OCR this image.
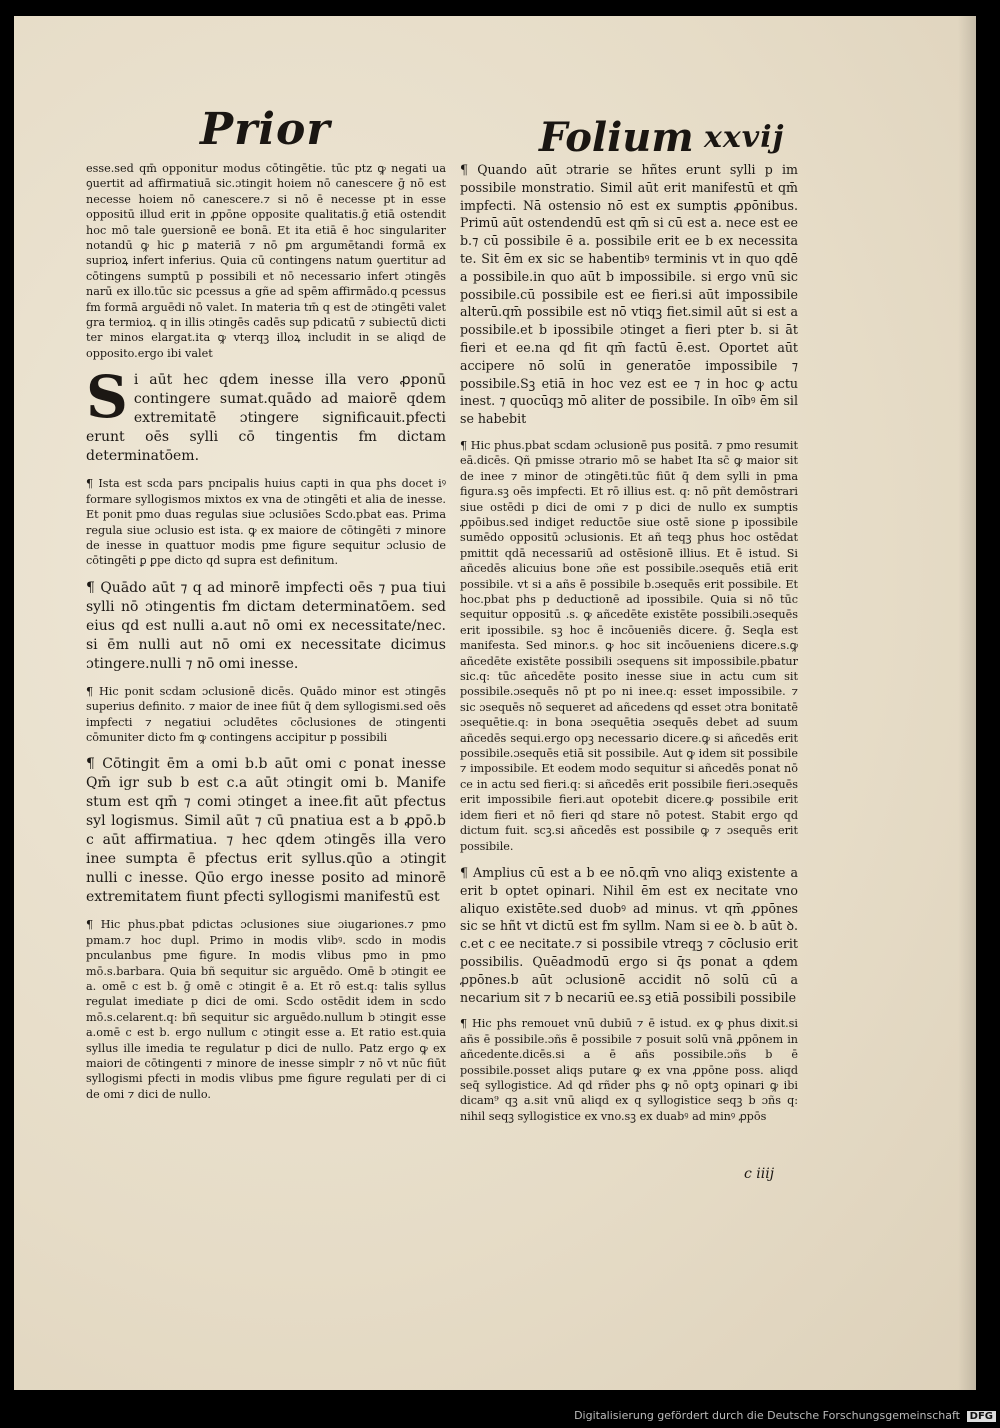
Prior	Folium xxvij

esse.sed qm̄ opponitur modus cōtingētie. tūc ptz ꝙ negati ua ꝯuertit ad affirmatiuā sic.ɔtingit hoiem nō canescere ḡ nō est necesse hoiem nō canescere.⁊ si nō ē necesse pt in esse oppositū illud erit in ꝓpōne opposite qualitatis.ḡ etiā ostendit hoc mō tale ꝯuersionē ee bonā. Et ita etiā ē hoc singulariter notandū ꝙ hic ꝑ materiā ⁊ nō ꝑm argumētandi formā ex suprioꝝ infert inferius. Quia cū contingens natum ꝯuertitur ad cōtingens sumptū p possibili et nō necessario infert ɔtingēs narū ex illo.tūc sic pcessus a gñe ad spēm affirmādo.q pcessus fm formā arguēdi nō valet. In materia tm̄ q est de ɔtingēti valet gra termioꝝ. q in illis ɔtingēs cadēs sup pdicatū ⁊ subiectū dicti ter minos elargat.ita ꝙ vterqꝫ illoꝝ includit in se aliqd de opposito.ergo ibi valet

S i aūt hec qdem inesse illa vero ꝓponū contingere sumat.quādo ad maiorē qdem extremitatē ɔtingere significauit.pfecti erunt oēs sylli cō tingentis fm dictam determinatōem.

¶ Ista est scda pars pncipalis huius capti in qua phs docet iꝰ formare syllogismos mixtos ex vna de ɔtingēti et alia de inesse. Et ponit pmo duas regulas siue ɔclusiōes Scdo.pbat eas. Prima regula siue ɔclusio est ista. ꝙ ex maiore de cōtingēti ⁊ minore de inesse in quattuor modis pme figure sequitur ɔclusio de cōtingēti ꝑ ꝑpe dicto qd supra est definitum.

¶ Quādo aūt ⁊ q ad minorē impfecti oēs ⁊ pua tiui sylli nō ɔtingentis fm dictam determinatōem. sed eius qd est nulli a.aut nō omi ex necessitate/nec. si ēm nulli aut nō omi ex necessitate dicimus ɔtingere.nulli ⁊ nō omi inesse.

¶ Hic ponit scdam ɔclusionē dicēs. Quādo minor est ɔtingēs superius definito. ⁊ maior de inee fiūt q̄ dem syllogismi.sed oēs impfecti ⁊ negatiui ɔcludētes cōclusiones de ɔtingenti cōmuniter dicto fm ꝙ contingens accipitur p possibili

¶ Cōtingit ēm a omi b.b aūt omi c ponat inesse Qm̄ igr sub b est c.a aūt ɔtingit omi b. Manife stum est qm̄ ⁊ comi ɔtinget a inee.fit aūt pfectus syl logismus. Simil aūt ⁊ cū pnatiua est a b ꝓpō.b c aūt affirmatiua. ⁊ hec qdem ɔtingēs illa vero inee sumpta ē pfectus erit syllus.qūo a ɔtingit nulli c inesse. Qūo ergo inesse posito ad minorē extremitatem fiunt pfecti syllogismi manifestū est

¶ Hic phus.pbat pdictas ɔclusiones siue ɔiugariones.⁊ pmo pmam.⁊ hoc dupl. Primo in modis vlibꝰ. scdo in modis pnculanbus pme figure. In modis vlibus pmo in pmo mō.s.barbara. Quia bñ sequitur sic arguēdo. Omē b ɔtingit ee a. omē c est b. ḡ omē c ɔtingit ē a. Et rō est.q: talis syllus regulat imediate p dici de omi. Scdo ostēdit idem in scdo mō.s.celarent.q: bñ sequitur sic arguēdo.nullum b ɔtingit esse a.omē c est b. ergo nullum c ɔtingit esse a. Et ratio est.quia syllus ille imedia te regulatur p dici de nullo. Patz ergo ꝙ ex maiori de cōtingenti ⁊ minore de inesse simplr ⁊ nō vt nūc fiūt syllogismi pfecti in modis vlibus pme figure regulati per di ci de omi ⁊ dici de nullo.

¶ Quando aūt ɔtrarie se hñtes erunt sylli p im possibile monstratio. Simil aūt erit manifestū et qm̄ impfecti. Nā ostensio nō est ex sumptis ꝓpōnibus. Primū aūt ostendendū est qm̄ si cū est a. nece est ee b.⁊ cū possibile ē a. possibile erit ee b ex necessita te. Sit ēm ex sic se habentibꝰ terminis vt in quo qdē a possibile.in quo aūt b impossibile. si ergo vnū sic possibile.cū possibile est ee fieri.si aūt impossibile alterū.qm̄ possibile est nō vtiqꝫ fiet.simil aūt si est a possibile.et b ipossibile ɔtinget a fieri pter b. si āt fieri et ee.na qd fit qm̄ factū ē.est. Oportet aūt accipere nō solū in generatōe impossibile ⁊ possibile.Sꝫ etiā in hoc vez est ee ⁊ in hoc ꝙ actu inest. ⁊ quocūqꝫ mō aliter de possibile. In oībꝰ ēm sil se habebit

¶ Hic phus.pbat scdam ɔclusionē pus positā. ⁊ pmo resumit eā.dicēs. Qñ pmisse ɔtrario mō se habet Ita sc̄ ꝙ maior sit de inee ⁊ minor de ɔtingēti.tūc fiūt q̄ dem sylli in pma figura.sꝫ oēs impfecti. Et rō illius est. q: nō pñt demōstrari siue ostēdi p dici de omi ⁊ p dici de nullo ex sumptis ꝓpōibus.sed indiget reductōe siue ostē sione p ipossibile sumēdo oppositū ɔclusionis. Et añ teqꝫ phus hoc ostēdat pmittit qdā necessariū ad ostēsionē illius. Et ē istud. Si añcedēs alicuius bone ɔñe est possibile.ɔsequēs etiā erit possibile. vt si a añs ē possibile b.ɔsequēs erit possibile. Et hoc.pbat phs p deductionē ad ipossibile. Quia si nō tūc sequitur oppositū .s. ꝙ añcedēte existēte possibili.ɔsequēs erit ipossibile. sꝫ hoc ē incōueniēs dicere. ḡ. Seqla est manifesta. Sed minor.s. ꝙ hoc sit incōueniens dicere.s.ꝙ añcedēte existēte possibili ɔsequens sit impossibile.pbatur sic.q: tūc añcedēte posito inesse siue in actu cum sit possibile.ɔsequēs nō pt po ni inee.q: esset impossibile. ⁊ sic ɔsequēs nō sequeret ad añcedens qd esset ɔtra bonitatē ɔsequētie.q: in bona ɔsequētia ɔsequēs debet ad suum añcedēs sequi.ergo opꝫ necessario dicere.ꝙ si añcedēs erit possibile.ɔsequēs etiā sit possibile. Aut ꝙ idem sit possibile ⁊ impossibile. Et eodem modo sequitur si añcedēs ponat nō ce in actu sed fieri.q: si añcedēs erit possibile fieri.ɔsequēs erit impossibile fieri.aut opotebit dicere.ꝙ possibile erit idem fieri et nō fieri qd stare nō potest. Stabit ergo qd dictum fuit. scꝫ.si añcedēs est possibile ꝙ ⁊ ɔsequēs erit possibile.

¶ Amplius cū est a b ee nō.qm̄ vno aliqꝫ existente a erit b optet opinari. Nihil ēm est ex necitate vno aliquo existēte.sed duobꝰ ad minus. vt qm̄ ꝓpōnes sic se hñt vt dictū est fm syllm. Nam si ee ꝺ. b aūt ꝺ. c.et c ee necitate.⁊ si possibile vtreqꝫ ⁊ cōclusio erit possibilis. Quēadmodū ergo si q̄s ponat a qdem ꝓpōnes.b aūt ɔclusionē accidit nō solū cū a necarium sit ⁊ b necariū ee.sꝫ etiā possibili possibile

¶ Hic phs remouet vnū dubiū ⁊ ē istud. ex ꝙ phus dixit.si añs ē possibile.ɔñs ē possibile ⁊ posuit solū vnā ꝓpōnem in añcedente.dicēs.si a ē añs possibile.ɔñs b ē possibile.posset aliqs putare ꝙ ex vna ꝓpōne poss. aliqd seq̄ syllogistice. Ad qd rñder phs ꝙ nō optꝫ opinari ꝙ ibi dicam⁹ qꝫ a.sit vnū aliqd ex q syllogistice seqꝫ b ɔñs q: nihil seqꝫ syllogistice ex vno.sꝫ ex duabꝰ ad minꝰ ꝓpōs

c iiij
Digitalisierung gefördert durch die Deutsche Forschungsgemeinschaft DFG
